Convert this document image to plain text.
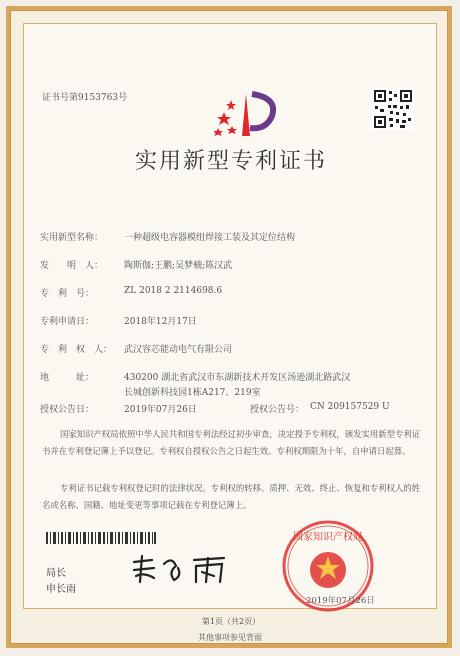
证书号第9153763号
实用新型专利证书
实用新型名称： 一种超级电容器模组焊接工装及其定位结构
发　　明　人： 陶斯伽;王鹏;吴梦楠;陈汉武
专　利　号：	ZL 2018 2 2114698.6
专利申请日：	2018年12月17日
专　利　权　人： 武汉容芯能动电气有限公司
地　　　址：	430200 湖北省武汉市东湖新技术开发区汤逊湖北路武汉
长城创新科技园1栋A217、219室
授权公告日：	2019年07月26日	授权公告号： CN 209157529 U
国家知识产权局依照中华人民共和国专利法经过初步审查，决定授予专利权，颁发实用新型专利证书并在专利登记簿上予以登记。专利权自授权公告之日起生效。专利权期限为十年，自申请日起算。
专利证书记载专利权登记时的法律状况。专利权的转移、质押、无效、终止、恢复和专利权人的姓名或名称、国籍、地址变更等事项记载在专利登记簿上。
局长
申长雨
国家知识产权局
2019年07月26日
第1页（共2页）
其他事项参见背面
